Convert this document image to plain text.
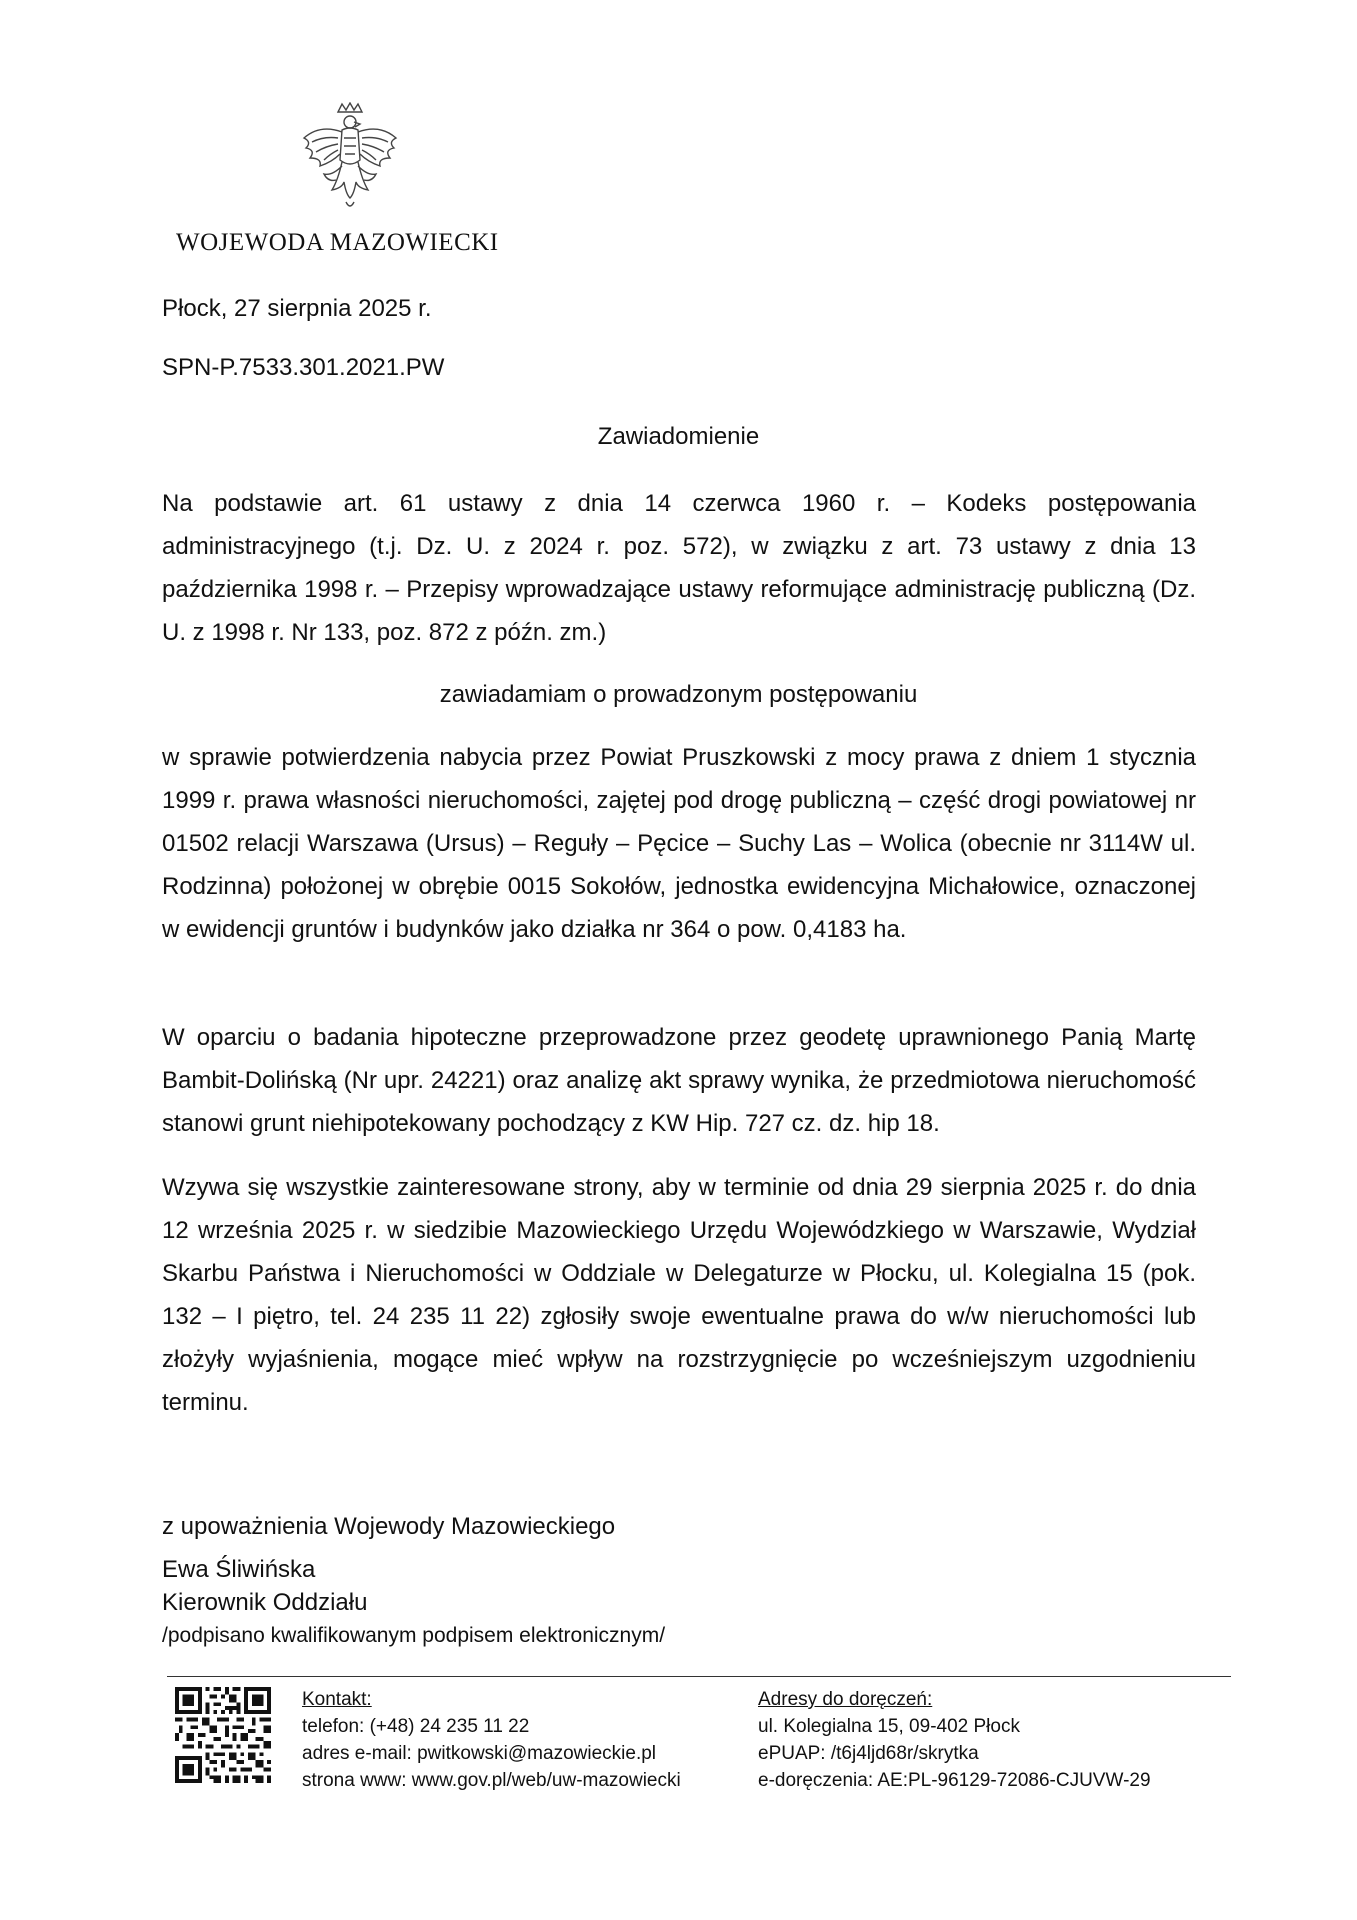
WOJEWODA MAZOWIECKI
Płock, 27 sierpnia 2025 r.
SPN-P.7533.301.2021.PW
Zawiadomienie

Na podstawie art. 61 ustawy z dnia 14 czerwca 1960 r. – Kodeks postępowania administracyjnego (t.j. Dz. U. z 2024 r. poz. 572), w związku z art. 73 ustawy z dnia 13 października 1998 r. – Przepisy wprowadzające ustawy reformujące administrację publiczną (Dz. U. z 1998 r. Nr 133, poz. 872 z późn. zm.)

zawiadamiam o prowadzonym postępowaniu

w sprawie potwierdzenia nabycia przez Powiat Pruszkowski z mocy prawa z dniem 1 stycznia 1999 r. prawa własności nieruchomości, zajętej pod drogę publiczną – część drogi powiatowej nr 01502 relacji Warszawa (Ursus) – Reguły – Pęcice – Suchy Las – Wolica (obecnie nr 3114W ul. Rodzinna) położonej w obrębie 0015 Sokołów, jednostka ewidencyjna Michałowice, oznaczonej w ewidencji gruntów i budynków jako działka nr 364 o pow. 0,4183 ha.

W oparciu o badania hipoteczne przeprowadzone przez geodetę uprawnionego Panią Martę Bambit-Dolińską (Nr upr. 24221) oraz analizę akt sprawy wynika, że przedmiotowa nieruchomość stanowi grunt niehipotekowany pochodzący z KW Hip. 727 cz. dz. hip 18.

Wzywa się wszystkie zainteresowane strony, aby w terminie od dnia 29 sierpnia 2025 r. do dnia 12 września 2025 r. w siedzibie Mazowieckiego Urzędu Wojewódzkiego w Warszawie, Wydział Skarbu Państwa i Nieruchomości w Oddziale w Delegaturze w Płocku, ul. Kolegialna 15 (pok. 132 – I piętro, tel. 24 235 11 22) zgłosiły swoje ewentualne prawa do w/w nieruchomości lub złożyły wyjaśnienia, mogące mieć wpływ na rozstrzygnięcie po wcześniejszym uzgodnieniu terminu.

z upoważnienia Wojewody Mazowieckiego
Ewa Śliwińska
Kierownik Oddziału
/podpisano kwalifikowanym podpisem elektronicznym/
Kontakt:
telefon: (+48) 24 235 11 22
adres e-mail: pwitkowski@mazowieckie.pl
strona www: www.gov.pl/web/uw-mazowiecki
Adresy do doręczeń:
ul. Kolegialna 15, 09-402 Płock
ePUAP: /t6j4ljd68r/skrytka
e-doręczenia: AE:PL-96129-72086-CJUVW-29
